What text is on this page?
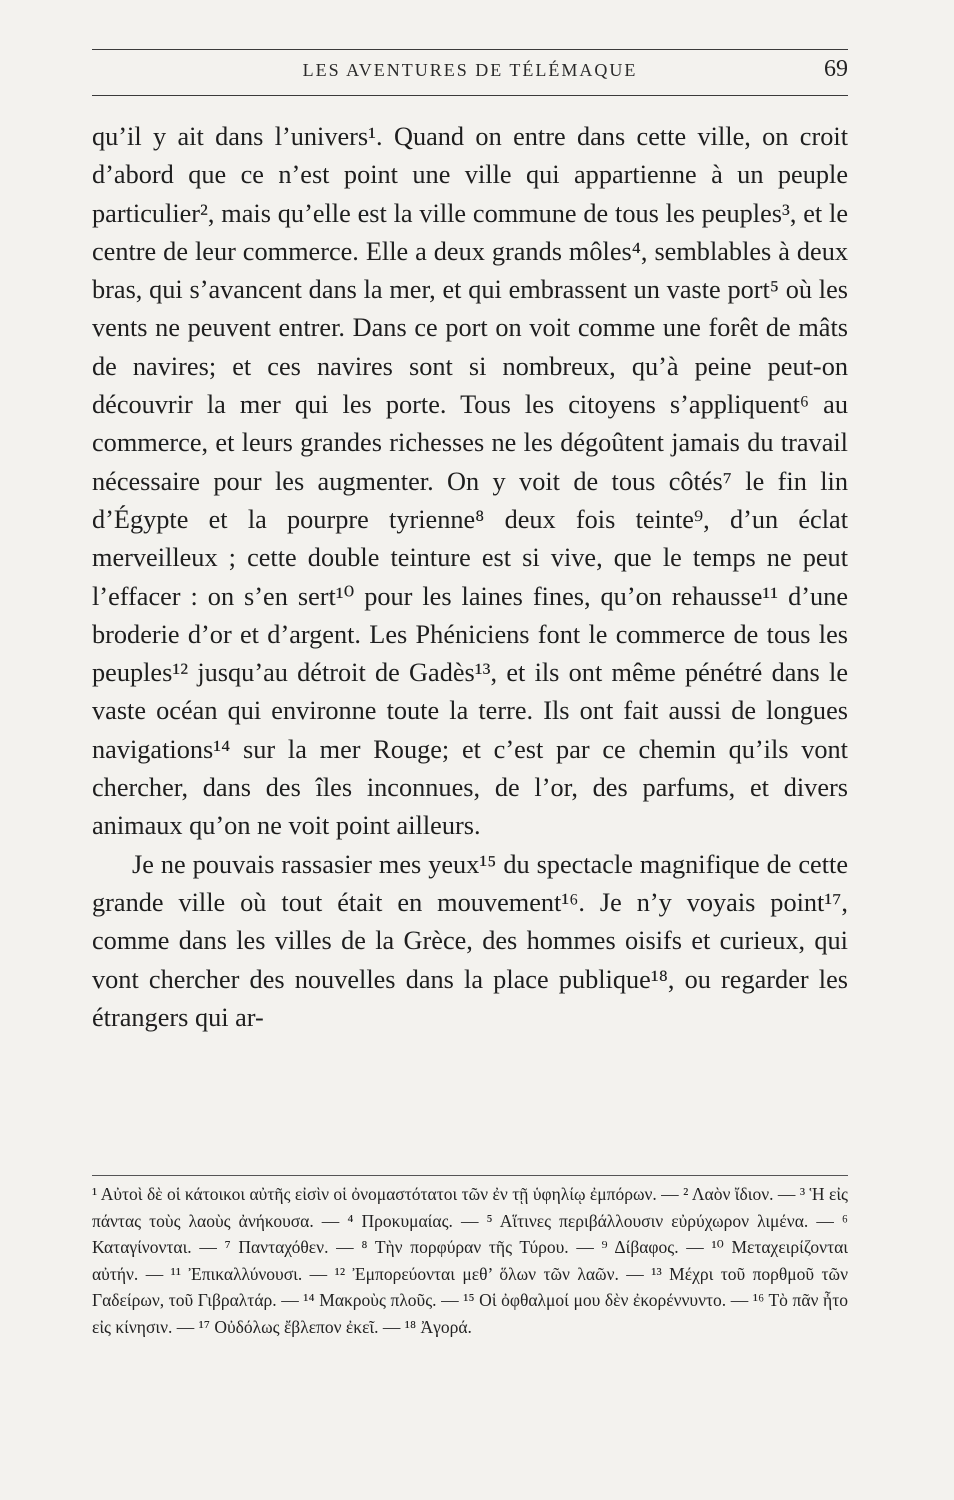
LES AVENTURES DE TÉLÉMAQUE	69

qu’il y ait dans l’univers¹. Quand on entre dans cette ville, on croit d’abord que ce n’est point une ville qui appartienne à un peuple particulier², mais qu’elle est la ville commune de tous les peuples³, et le centre de leur commerce. Elle a deux grands môles⁴, semblables à deux bras, qui s’avancent dans la mer, et qui embrassent un vaste port⁵ où les vents ne peuvent entrer. Dans ce port on voit comme une forêt de mâts de navires; et ces navires sont si nombreux, qu’à peine peut-on découvrir la mer qui les porte. Tous les citoyens s’appliquent⁶ au commerce, et leurs grandes richesses ne les dégoûtent jamais du travail nécessaire pour les augmenter. On y voit de tous côtés⁷ le fin lin d’Égypte et la pourpre tyrienne⁸ deux fois teinte⁹, d’un éclat merveilleux ; cette double teinture est si vive, que le temps ne peut l’effacer : on s’en sert¹⁰ pour les laines fines, qu’on rehausse¹¹ d’une broderie d’or et d’argent. Les Phéniciens font le commerce de tous les peuples¹² jusqu’au détroit de Gadès¹³, et ils ont même pénétré dans le vaste océan qui environne toute la terre. Ils ont fait aussi de longues navigations¹⁴ sur la mer Rouge; et c’est par ce chemin qu’ils vont chercher, dans des îles inconnues, de l’or, des parfums, et divers animaux qu’on ne voit point ailleurs.

Je ne pouvais rassasier mes yeux¹⁵ du spectacle magnifique de cette grande ville où tout était en mouvement¹⁶. Je n’y voyais point¹⁷, comme dans les villes de la Grèce, des hommes oisifs et curieux, qui vont chercher des nouvelles dans la place publique¹⁸, ou regarder les étrangers qui ar-

¹ Αὐτοὶ δὲ οἱ κάτοικοι αὐτῆς εἰσὶν οἱ ὀνομαστότατοι τῶν ἐν τῇ ὑφηλίῳ ἐμπόρων. — ² Λαὸν ἴδιον. — ³ Ἡ εἰς πάντας τοὺς λαοὺς ἀνήκουσα. — ⁴ Προκυμαίας. — ⁵ Αἵτινες περιβάλλουσιν εὐρύχωρον λιμένα. — ⁶ Καταγίνονται. — ⁷ Πανταχόθεν. — ⁸ Τὴν πορφύραν τῆς Τύρου. — ⁹ Δίβαφος. — ¹⁰ Μεταχειρίζονται αὐτήν. — ¹¹ Ἐπικαλλύνουσι. — ¹² Ἐμπορεύονται μεθ’ ὅλων τῶν λαῶν. — ¹³ Μέχρι τοῦ πορθμοῦ τῶν Γαδείρων, τοῦ Γιβραλτάρ. — ¹⁴ Μακροὺς πλοῦς. — ¹⁵ Οἱ ὀφθαλμοί μου δὲν ἐκορέννυντο. — ¹⁶ Τὸ πᾶν ἦτο εἰς κίνησιν. — ¹⁷ Οὐδόλως ἔβλεπον ἐκεῖ. — ¹⁸ Ἀγορά.
